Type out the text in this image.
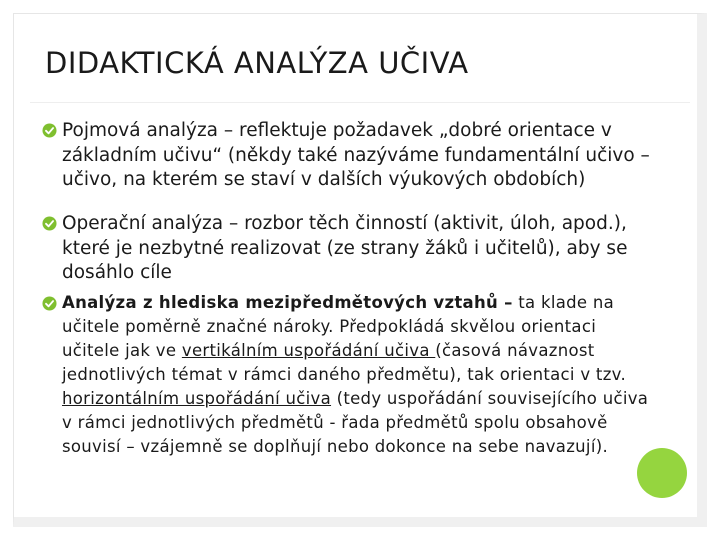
DIDAKTICKÁ ANALÝZA UČIVA
Pojmová analýza – reflektuje požadavek „dobré orientace v
základním učivu“ (někdy také nazýváme fundamentální učivo –
učivo, na kterém se staví v dalších výukových obdobích)
Operační analýza – rozbor těch činností (aktivit, úloh, apod.),
které je nezbytné realizovat (ze strany žáků i učitelů), aby se
dosáhlo cíle
Analýza z hlediska mezipředmětových vztahů – ta klade na
učitele poměrně značné nároky. Předpokládá skvělou orientaci
učitele jak ve vertikálním uspořádání učiva (časová návaznost
jednotlivých témat v rámci daného předmětu), tak orientaci v tzv.
horizontálním uspořádání učiva (tedy uspořádání souvisejícího učiva
v rámci jednotlivých předmětů - řada předmětů spolu obsahově
souvisí – vzájemně se doplňují nebo dokonce na sebe navazují).
